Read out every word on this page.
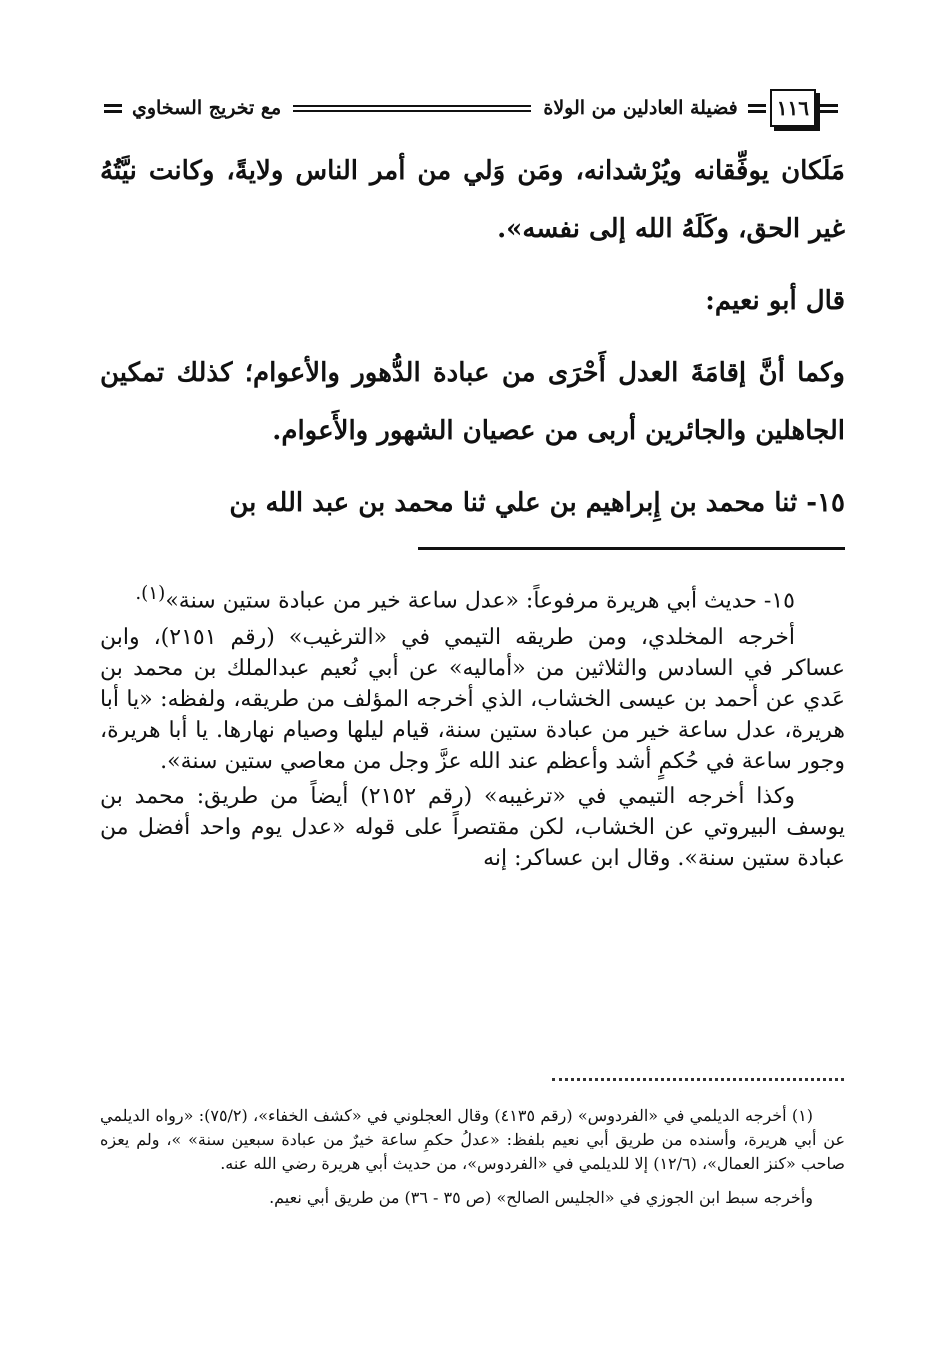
١١٦
فضيلة العادلين من الولاة
مع تخريج السخاوي

مَلَكان يوفِّقانه ويُرْشدانه، ومَن وَلي من أمر الناس ولايةً، وكانت نيَّتُهُ غير الحق، وكَلَهُ الله إلى نفسه».

قال أبو نعيم:

وكما أنَّ إقامَةَ العدل أَحْرَى من عبادة الدُّهور والأعوام؛ كذلك تمكين الجاهلين والجائرين أربى من عصيان الشهور والأَعوام.

١٥- ثنا محمد بن إِبراهيم بن علي ثنا محمد بن عبد الله بن

١٥- حديث أبي هريرة مرفوعاً: «عدل ساعة خير من عبادة ستين سنة»$^{(١).}$

أخرجه المخلدي، ومن طريقه التيمي في «الترغيب» (رقم ٢١٥١)، وابن عساكر في السادس والثلاثين من «أماليه» عن أبي نُعيم عبدالملك بن محمد بن عَدي عن أحمد بن عيسى الخشاب، الذي أخرجه المؤلف من طريقه، ولفظه: «يا أبا هريرة، عدل ساعة خير من عبادة ستين سنة، قيام ليلها وصيام نهارها. يا أبا هريرة، وجور ساعة في حُكمٍ أشد وأعظم عند الله عزَّ وجل من معاصي ستين سنة».

وكذا أخرجه التيمي في «ترغيبه» (رقم ٢١٥٢) أيضاً من طريق: محمد بن يوسف البيروتي عن الخشاب، لكن مقتصراً على قوله «عدل يوم واحد أفضل من عبادة ستين سنة». وقال ابن عساكر: إنه

(١) أخرجه الديلمي في «الفردوس» (رقم ٤١٣٥) وقال العجلوني في «كشف الخفاء»، (٧٥/٢): «رواه الديلمي عن أبي هريرة، وأسنده من طريق أبي نعيم بلفظ: «عدلُ حكمِ ساعة خيرٌ من عبادة سبعين سنة» »، ولم يعزه صاحب «كنز العمال»، (١٢/٦) إلا للديلمي في «الفردوس»، من حديث أبي هريرة رضي الله عنه.

وأخرجه سبط ابن الجوزي في «الجليس الصالح» (ص ٣٥ - ٣٦) من طريق أبي نعيم.
